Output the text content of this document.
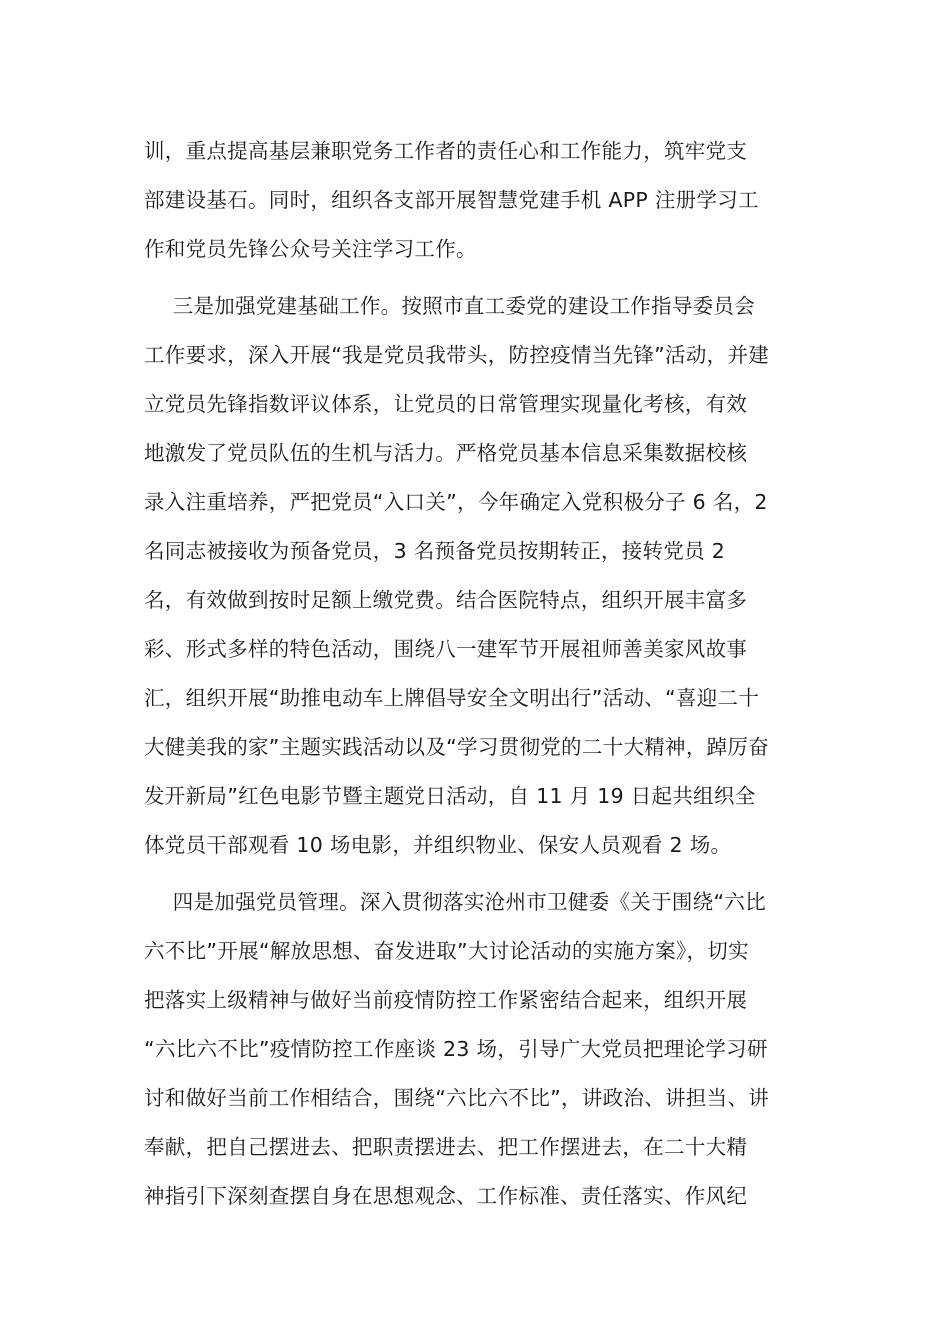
训，重点提高基层兼职党务工作者的责任心和工作能力，筑牢党支
部建设基石。同时，组织各支部开展智慧党建手机 APP 注册学习工
作和党员先锋公众号关注学习工作。
三是加强党建基础工作。按照市直工委党的建设工作指导委员会
工作要求，深入开展“我是党员我带头，防控疫情当先锋”活动，并建
立党员先锋指数评议体系，让党员的日常管理实现量化考核，有效
地激发了党员队伍的生机与活力。严格党员基本信息采集数据校核
录入注重培养，严把党员“入口关”，今年确定入党积极分子 6 名，2
名同志被接收为预备党员，3 名预备党员按期转正，接转党员 2
名，有效做到按时足额上缴党费。结合医院特点，组织开展丰富多
彩、形式多样的特色活动，围绕八一建军节开展祖师善美家风故事
汇，组织开展“助推电动车上牌倡导安全文明出行”活动、“喜迎二十
大健美我的家”主题实践活动以及“学习贯彻党的二十大精神，踔厉奋
发开新局”红色电影节暨主题党日活动，自 11 月 19 日起共组织全
体党员干部观看 10 场电影，并组织物业、保安人员观看 2 场。
四是加强党员管理。深入贯彻落实沧州市卫健委《关于围绕“六比
六不比”开展“解放思想、奋发进取”大讨论活动的实施方案》，切实
把落实上级精神与做好当前疫情防控工作紧密结合起来，组织开展
“六比六不比”疫情防控工作座谈 23 场，引导广大党员把理论学习研
讨和做好当前工作相结合，围绕“六比六不比”，讲政治、讲担当、讲
奉献，把自己摆进去、把职责摆进去、把工作摆进去，在二十大精
神指引下深刻查摆自身在思想观念、工作标准、责任落实、作风纪
